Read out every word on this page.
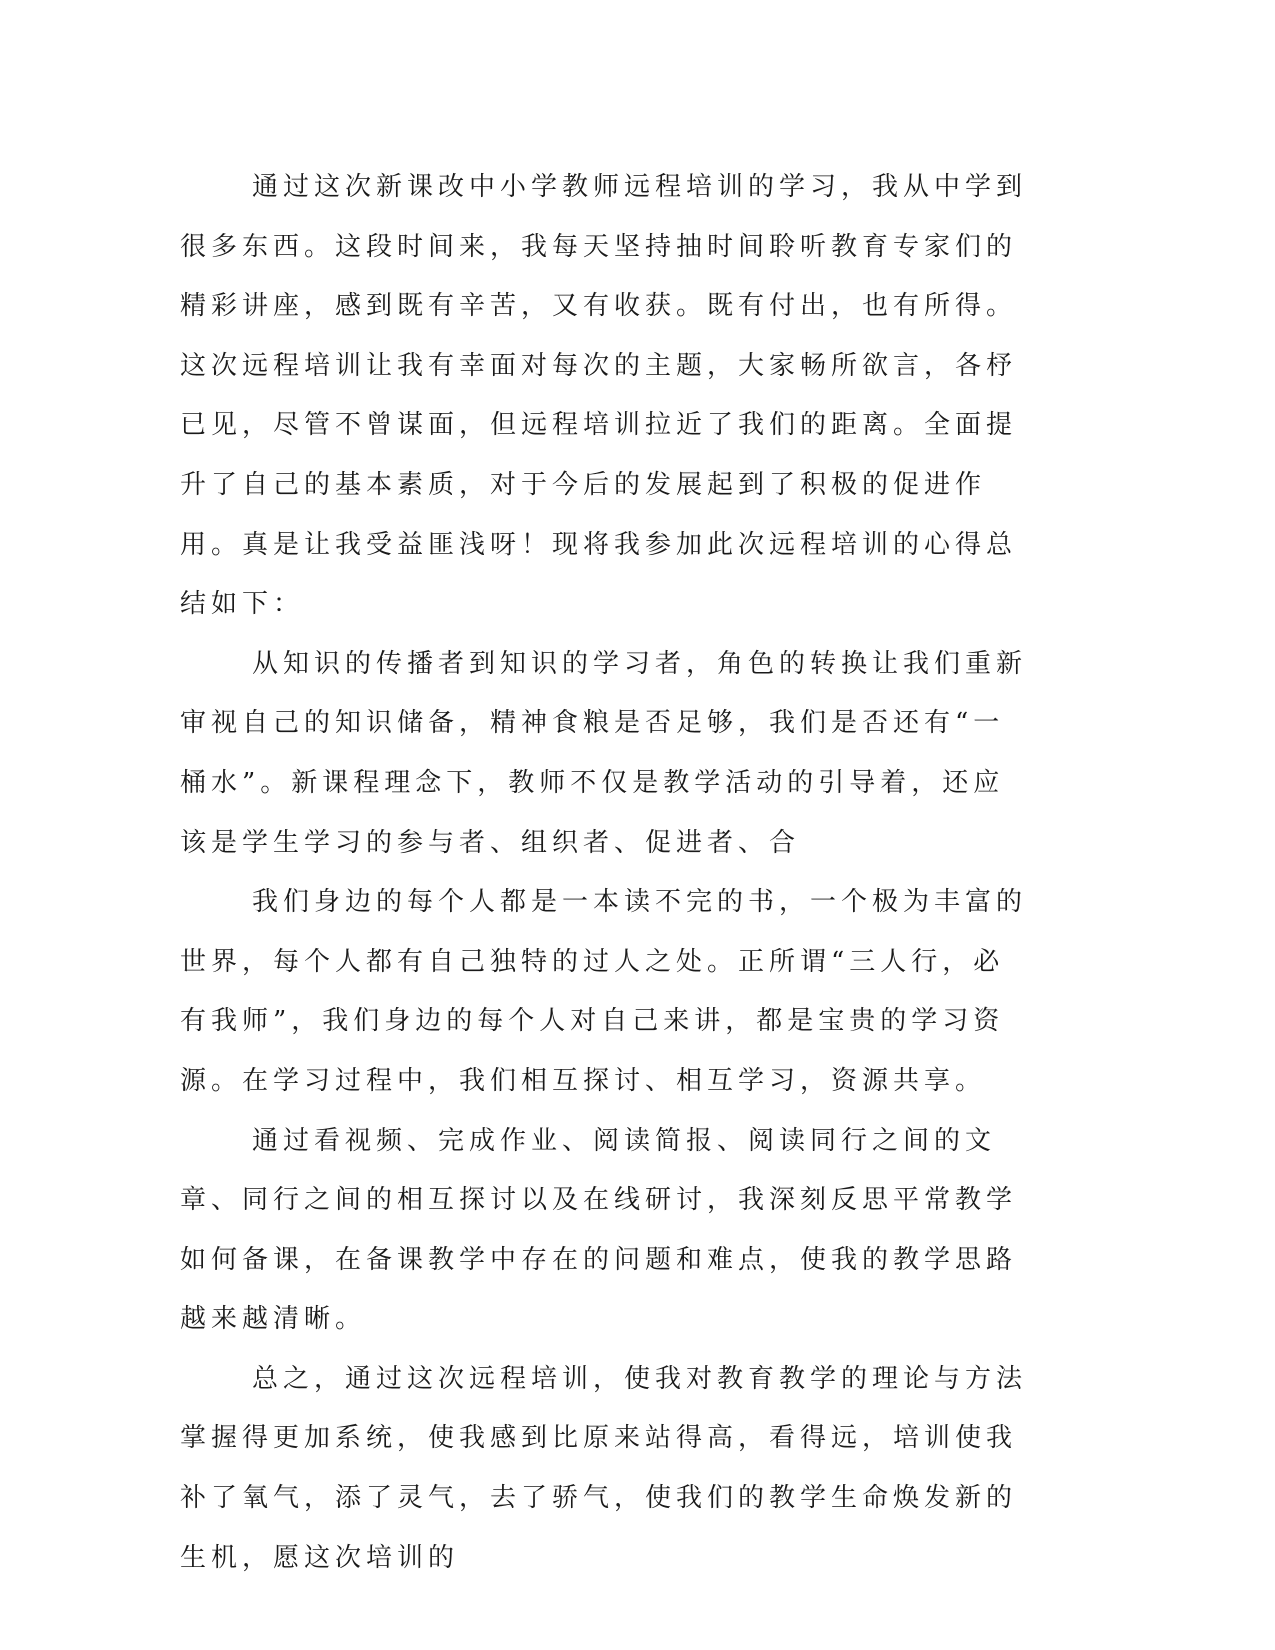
通过这次新课改中小学教师远程培训的学习，我从中学到很多东西。这段时间来，我每天坚持抽时间聆听教育专家们的精彩讲座，感到既有辛苦，又有收获。既有付出，也有所得。这次远程培训让我有幸面对每次的主题，大家畅所欲言，各杼已见，尽管不曾谋面，但远程培训拉近了我们的距离。全面提升了自己的基本素质，对于今后的发展起到了积极的促进作用。真是让我受益匪浅呀！现将我参加此次远程培训的心得总结如下：

从知识的传播者到知识的学习者，角色的转换让我们重新审视自己的知识储备，精神食粮是否足够，我们是否还有“一桶水”。新课程理念下，教师不仅是教学活动的引导着，还应该是学生学习的参与者、组织者、促进者、合

我们身边的每个人都是一本读不完的书，一个极为丰富的世界，每个人都有自己独特的过人之处。正所谓“三人行，必有我师”，我们身边的每个人对自己来讲，都是宝贵的学习资源。在学习过程中，我们相互探讨、相互学习，资源共享。

通过看视频、完成作业、阅读简报、阅读同行之间的文章、同行之间的相互探讨以及在线研讨，我深刻反思平常教学如何备课，在备课教学中存在的问题和难点，使我的教学思路越来越清晰。

总之，通过这次远程培训，使我对教育教学的理论与方法掌握得更加系统，使我感到比原来站得高，看得远，培训使我补了氧气，添了灵气，去了骄气，使我们的教学生命焕发新的生机，愿这次培训的
